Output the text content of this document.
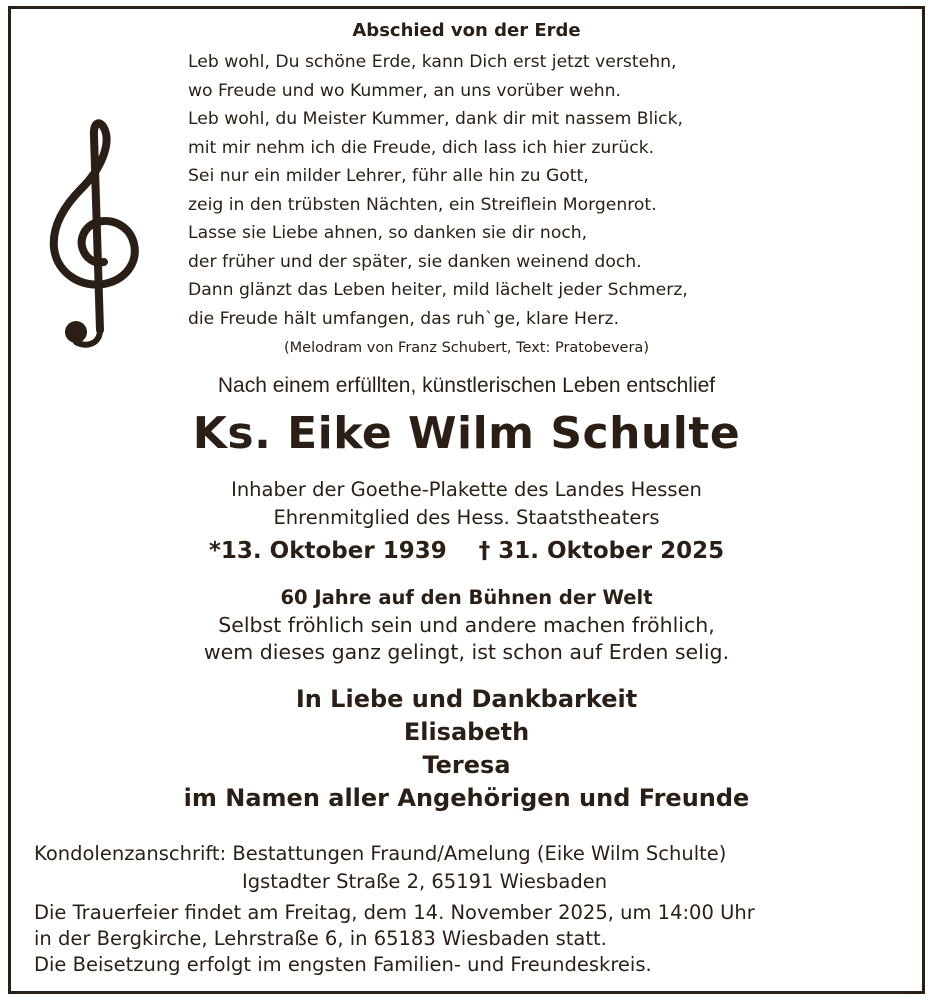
Abschied von der Erde
Leb wohl, Du schöne Erde, kann Dich erst jetzt verstehn,
wo Freude und wo Kummer, an uns vorüber wehn.
Leb wohl, du Meister Kummer, dank dir mit nassem Blick,
mit mir nehm ich die Freude, dich lass ich hier zurück.
Sei nur ein milder Lehrer, führ alle hin zu Gott,
zeig in den trübsten Nächten, ein Streiflein Morgenrot.
Lasse sie Liebe ahnen, so danken sie dir noch,
der früher und der später, sie danken weinend doch.
Dann glänzt das Leben heiter, mild lächelt jeder Schmerz,
die Freude hält umfangen, das ruh`ge, klare Herz.
(Melodram von Franz Schubert, Text: Pratobevera)
Nach einem erfüllten, künstlerischen Leben entschlief
Ks. Eike Wilm Schulte
Inhaber der Goethe-Plakette des Landes Hessen
Ehrenmitglied des Hess. Staatstheaters
*13. Oktober 1939 † 31. Oktober 2025
60 Jahre auf den Bühnen der Welt
Selbst fröhlich sein und andere machen fröhlich,
wem dieses ganz gelingt, ist schon auf Erden selig.
In Liebe und Dankbarkeit
Elisabeth
Teresa
im Namen aller Angehörigen und Freunde
Kondolenzanschrift: Bestattungen Fraund/Amelung (Eike Wilm Schulte)
Igstadter Straße 2, 65191 Wiesbaden
Die Trauerfeier findet am Freitag, dem 14. November 2025, um 14:00 Uhr
in der Bergkirche, Lehrstraße 6, in 65183 Wiesbaden statt.
Die Beisetzung erfolgt im engsten Familien- und Freundeskreis.
